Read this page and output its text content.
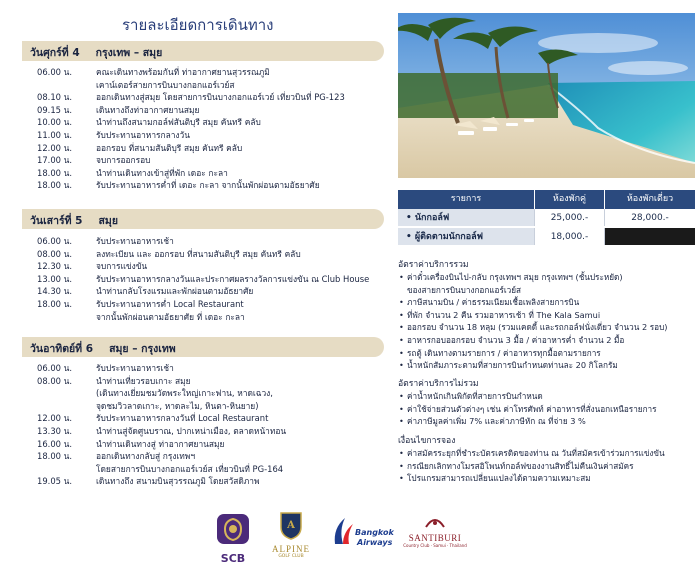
รายละเอียดการเดินทาง
วันศุกร์ที่ 4 กรุงเทพ – สมุย
06.00 น.	คณะเดินทางพร้อมกันที่ ท่าอากาศยานสุวรรณภูมิ
เคาน์เตอร์สายการบินบางกอกแอร์เวย์ส
08.10 น.	ออกเดินทางสู่สมุย โดยสายการบินบางกอกแอร์เวย์ เที่ยวบินที่ PG-123
09.15 น.	เดินทางถึงท่าอากาศยานสมุย
10.00 น.	นำท่านถึงสนามกอล์ฟสันติบุรี สมุย คันทรี คลับ
11.00 น.	รับประทานอาหารกลางวัน
12.00 น.	ออกรอบ ที่สนามสันติบุรี สมุย คันทรี คลับ
17.00 น.	จบการออกรอบ
18.00 น.	นำท่านเดินทางเข้าสู่ที่พัก เดอะ กะลา
18.00 น.	รับประทานอาหารค่ำที่ เดอะ กะลา จากนั้นพักผ่อนตามอัธยาศัย
วันเสาร์ที่ 5 สมุย
06.00 น.	รับประทานอาหารเช้า
08.00 น.	ลงทะเบียน และ ออกรอบ ที่สนามสันติบุรี สมุย คันทรี คลับ
12.30 น.	จบการแข่งขัน
13.00 น.	รับประทานอาหารกลางวันและประกาศผลรางวัลการแข่งขัน ณ Club House
14.30 น.	นำท่านกลับโรงแรมและพักผ่อนตามอัธยาศัย
18.00 น.	รับประทานอาหารค่ำ Local Restaurant
จากนั้นพักผ่อนตามอัธยาศัย ที่ เดอะ กะลา
วันอาทิตย์ที่ 6 สมุย – กรุงเทพ
06.00 น.	รับประทานอาหารเช้า
08.00 น.	นำท่านเที่ยวรอบเกาะ สมุย
(เดินทางเยี่ยมชมวัดพระใหญ่เกาะฟาน, หาดเฉวง,
จุดชมวิวลาดเกาะ, หาดละไม, หินตา-หินยาย)
12.00 น.	รับประทานอาหารกลางวันที่ Local Restaurant
13.30 น.	นำท่านสู่จัดศูนบราณ, ปากเหน่าเมือง, ตลาดหน้าทอน
16.00 น.	นำท่านเดินทางสู่ ท่าอากาศยานสมุย
18.00 น.	ออกเดินทางกลับสู่ กรุงเทพฯ
โดยสายการบินบางกอกแอร์เวย์ส เที่ยวบินที่ PG-164
19.05 น.	เดินทางถึง สนามบินสุวรรณภูมิ โดยสวัสดิภาพ
รายการ	ห้องพักคู่	ห้องพักเดี่ยว
• นักกอล์ฟ	25,000.-	28,000.-
• ผู้ติดตามนักกอล์ฟ	18,000.-
อัตราค่าบริการรวม
• ค่าตั๋วเครื่องบินไป-กลับ กรุงเทพฯ สมุย กรุงเทพฯ (ชั้นประหยัด)
ของสายการบินบางกอกแอร์เวย์ส
• ภาษีสนามบิน / ค่าธรรมเนียมเชื้อเพลิงสายการบิน
• ที่พัก จำนวน 2 คืน รวมอาหารเช้า ที่ The Kala Samui
• ออกรอบ จำนวน 18 หลุม (รวมแคดดี้ และรถกอล์ฟนั่งเดี่ยว จำนวน 2 รอบ)
• อาหารกอบออกรอบ จำนวน 3 มื้อ / ค่าอาหารค่ำ จำนวน 2 มื้อ
• รถตู้ เดินทางตามรายการ / ค่าอาหารทุกมื้อตามรายการ
• น้ำหนักสัมภาระตามที่สายการบินกำหนดท่านละ 20 กิโลกรัม
อัตราค่าบริการไม่รวม
• ค่าน้ำหนักเกินพิกัดที่สายการบินกำหนด
• ค่าใช้จ่ายส่วนตัวต่างๆ เช่น ค่าโทรศัพท์ ค่าอาหารที่สั่งนอกเหนือรายการ
• ค่าภาษีมูลค่าเพิ่ม 7% และค่าภาษีหัก ณ ที่จ่าย 3 %
เงื่อนไขการจอง
• ค่าสมัครระยุกที่ชำระบัตรเครดิตของท่าน ณ วันที่สมัครเข้าร่วมการแข่งขัน
• กรณียกเลิกทางโมรสอิโพนท์กอล์ฟของงานสิทธิ์ไม่คืนเงินค่าสมัคร
• โปรแกรมสามารถเปลี่ยนแปลงได้ตามความเหมาะสม
SCB
A
ALPINE
GOLF CLUB
Bangkok
Airways	SANTIBURI
Country Club · Samui · Thailand
